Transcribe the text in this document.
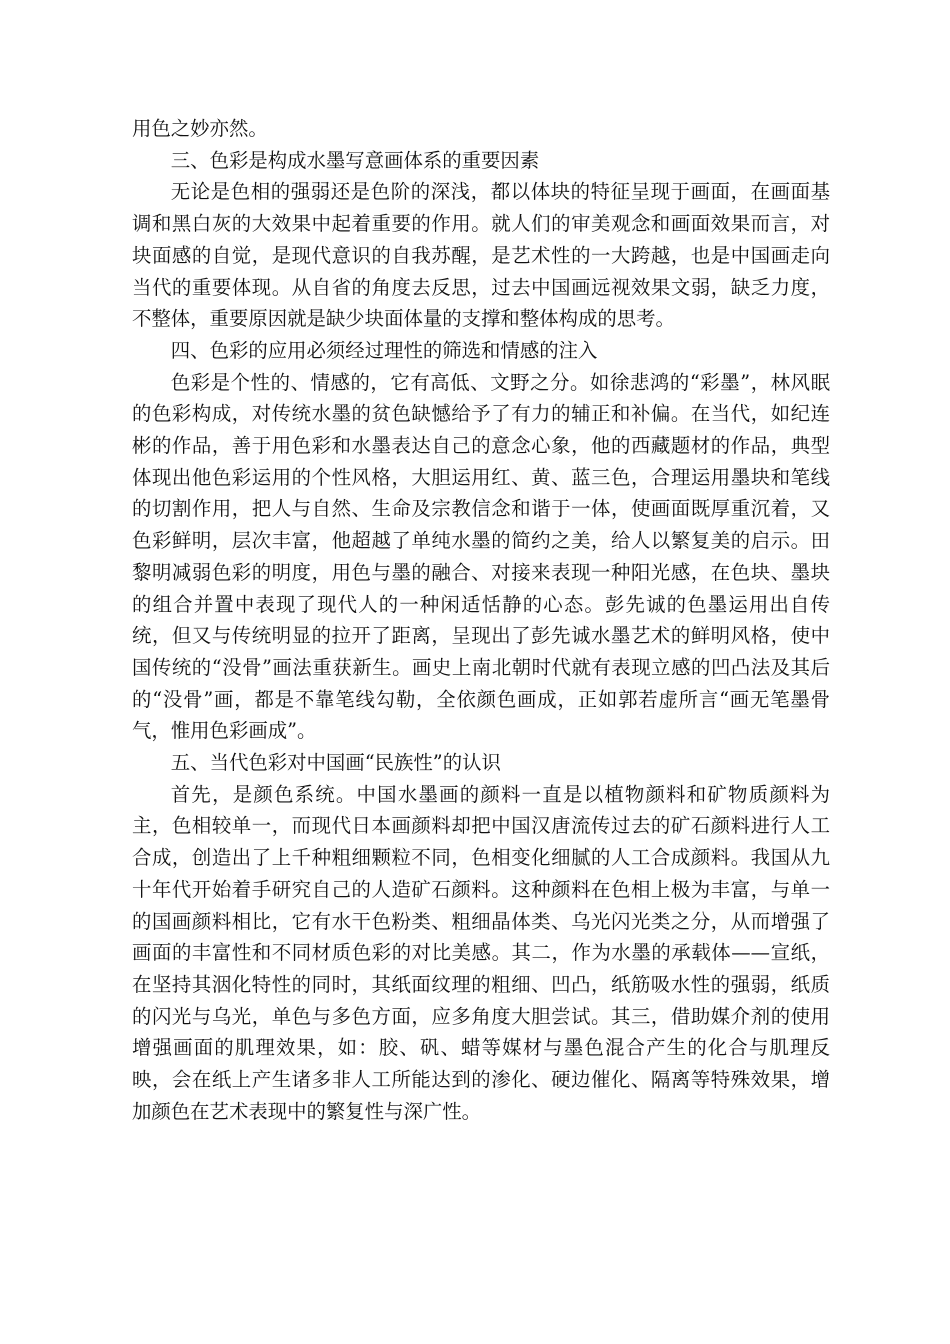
用色之妙亦然。

三、色彩是构成水墨写意画体系的重要因素

无论是色相的强弱还是色阶的深浅，都以体块的特征呈现于画面，在画面基调和黑白灰的大效果中起着重要的作用。就人们的审美观念和画面效果而言，对块面感的自觉，是现代意识的自我苏醒，是艺术性的一大跨越，也是中国画走向当代的重要体现。从自省的角度去反思，过去中国画远视效果文弱，缺乏力度，不整体，重要原因就是缺少块面体量的支撑和整体构成的思考。

四、色彩的应用必须经过理性的筛选和情感的注入

色彩是个性的、情感的，它有高低、文野之分。如徐悲鸿的“彩墨”，林风眠的色彩构成，对传统水墨的贫色缺憾给予了有力的辅正和补偏。在当代，如纪连彬的作品，善于用色彩和水墨表达自己的意念心象，他的西藏题材的作品，典型体现出他色彩运用的个性风格，大胆运用红、黄、蓝三色，合理运用墨块和笔线的切割作用，把人与自然、生命及宗教信念和谐于一体，使画面既厚重沉着，又色彩鲜明，层次丰富，他超越了单纯水墨的简约之美，给人以繁复美的启示。田黎明减弱色彩的明度，用色与墨的融合、对接来表现一种阳光感，在色块、墨块的组合并置中表现了现代人的一种闲适恬静的心态。彭先诚的色墨运用出自传统，但又与传统明显的拉开了距离，呈现出了彭先诚水墨艺术的鲜明风格，使中国传统的“没骨”画法重获新生。画史上南北朝时代就有表现立感的凹凸法及其后的“没骨”画，都是不靠笔线勾勒，全依颜色画成，正如郭若虚所言“画无笔墨骨气，惟用色彩画成”。

五、当代色彩对中国画“民族性”的认识

首先，是颜色系统。中国水墨画的颜料一直是以植物颜料和矿物质颜料为主，色相较单一，而现代日本画颜料却把中国汉唐流传过去的矿石颜料进行人工合成，创造出了上千种粗细颗粒不同，色相变化细腻的人工合成颜料。我国从九十年代开始着手研究自己的人造矿石颜料。这种颜料在色相上极为丰富，与单一的国画颜料相比，它有水干色粉类、粗细晶体类、乌光闪光类之分，从而增强了画面的丰富性和不同材质色彩的对比美感。其二，作为水墨的承载体——宣纸，在坚持其洇化特性的同时，其纸面纹理的粗细、凹凸，纸筋吸水性的强弱，纸质的闪光与乌光，单色与多色方面，应多角度大胆尝试。其三，借助媒介剂的使用增强画面的肌理效果，如：胶、矾、蜡等媒材与墨色混合产生的化合与肌理反映，会在纸上产生诸多非人工所能达到的渗化、硬边催化、隔离等特殊效果，增加颜色在艺术表现中的繁复性与深广性。
